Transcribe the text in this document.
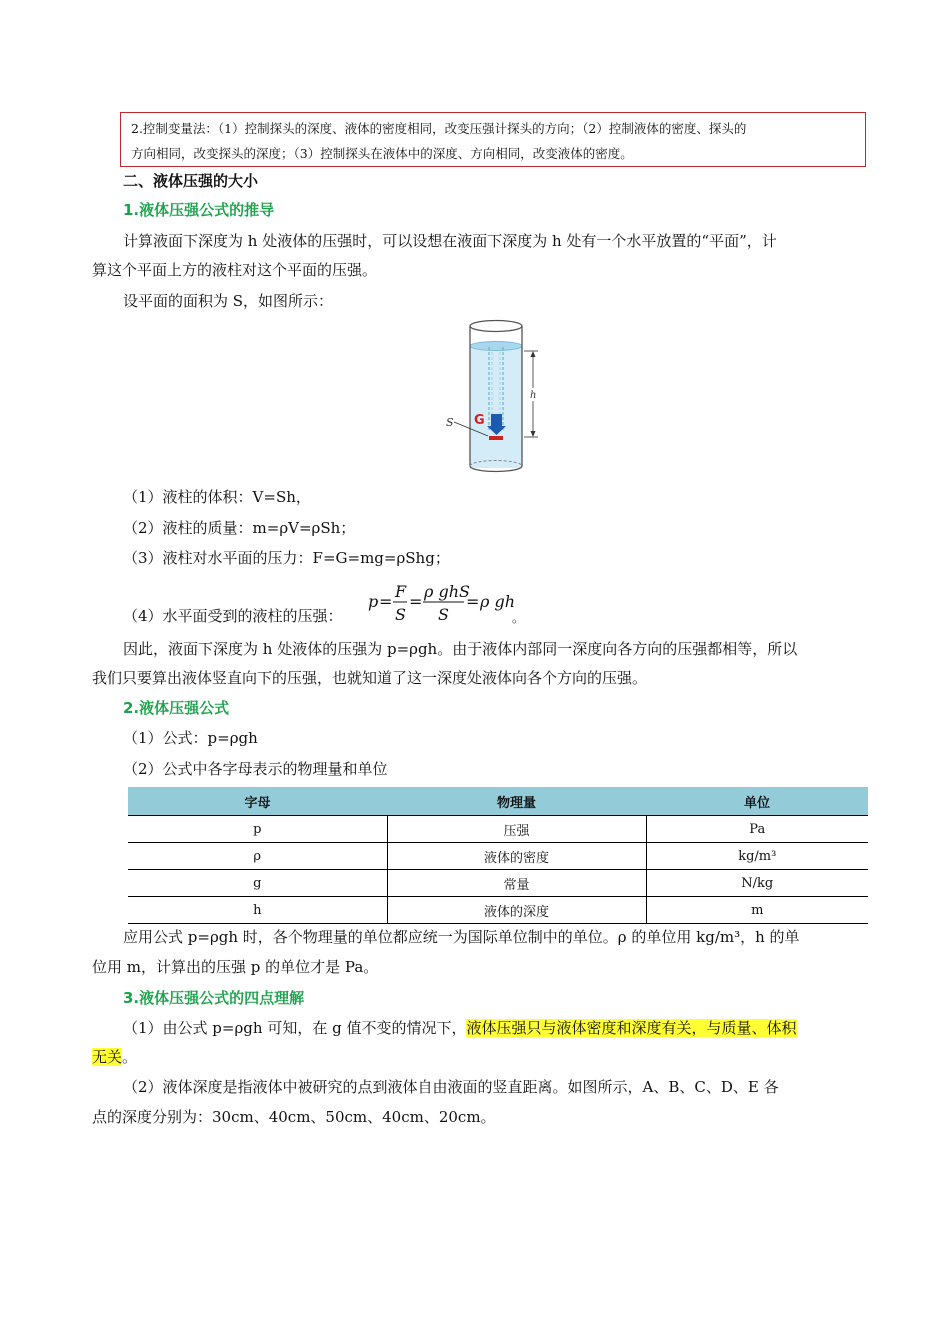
2.控制变量法：（1）控制探头的深度、液体的密度相同，改变压强计探头的方向；（2）控制液体的密度、探头的
方向相同，改变探头的深度；（3）控制探头在液体中的深度、方向相同，改变液体的密度。
二、液体压强的大小
1.液体压强公式的推导
计算液面下深度为 h 处液体的压强时，可以设想在液面下深度为 h 处有一个水平放置的“平面”，计
算这个平面上方的液柱对这个平面的压强。
设平面的面积为 S，如图所示：
G
S
h
（1）液柱的体积：V=Sh，
（2）液柱的质量：m=ρV=ρSh；
（3）液柱对水平面的压力：F=G=mg=ρShg；
（4）水平面受到的液柱的压强：
p =
F
S
=
ρ ghS
S
= ρ gh
。
因此，液面下深度为 h 处液体的压强为 p=ρgh。由于液体内部同一深度向各方向的压强都相等，所以
我们只要算出液体竖直向下的压强，也就知道了这一深度处液体向各个方向的压强。
2.液体压强公式
（1）公式：p=ρgh
（2）公式中各字母表示的物理量和单位
字母	物理量	单位
p	压强	Pa
ρ	液体的密度	kg/m³
g	常量	N/kg
h	液体的深度	m
应用公式 p=ρgh 时，各个物理量的单位都应统一为国际单位制中的单位。ρ 的单位用 kg/m³，h 的单
位用 m，计算出的压强 p 的单位才是 Pa。
3.液体压强公式的四点理解
（1）由公式 p=ρgh 可知，在 g 值不变的情况下，液体压强只与液体密度和深度有关，与质量、体积
无关。
（2）液体深度是指液体中被研究的点到液体自由液面的竖直距离。如图所示，A、B、C、D、E 各
点的深度分别为：30cm、40cm、50cm、40cm、20cm。
